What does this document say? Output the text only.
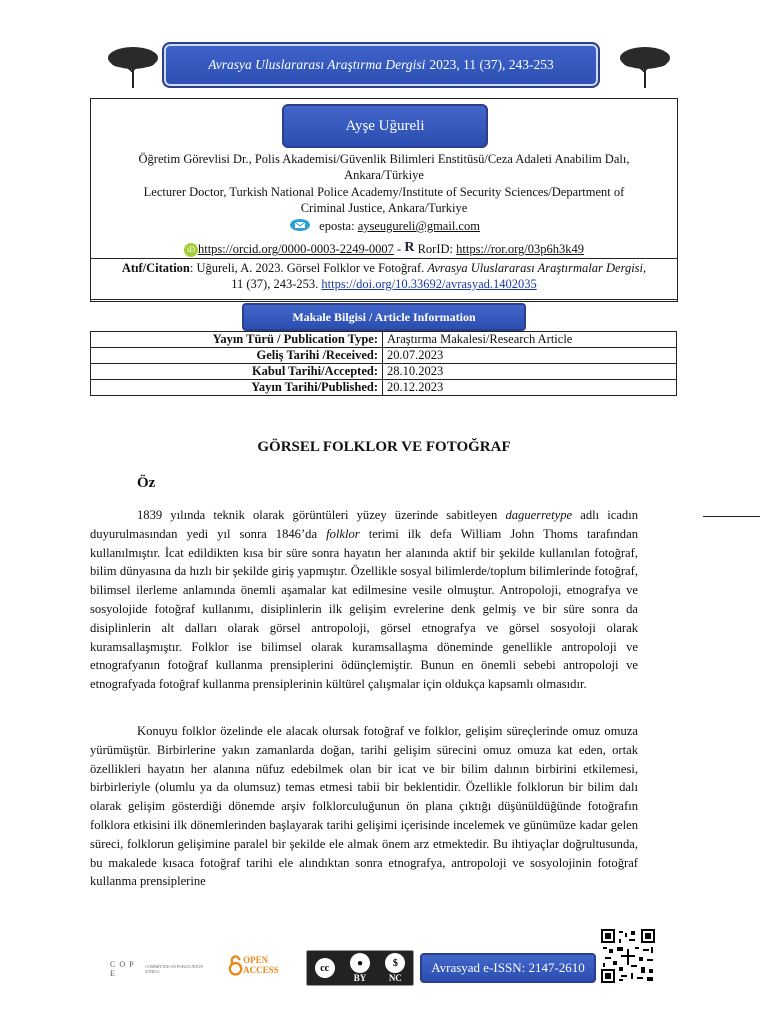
Avrasya Uluslararası Araştırma Dergisi 2023, 11 (37), 243-253
Ayşe Uğureli
Öğretim Görevlisi Dr., Polis Akademisi/Güvenlik Bilimleri Enstitüsü/Ceza Adaleti Anabilim Dalı,
Ankara/Türkiye
Lecturer Doctor, Turkish National Police Academy/Institute of Security Sciences/Department of
Criminal Justice, Ankara/Turkiye
eposta: ayseugureli@gmail.com
iD https://orcid.org/0000-0003-2249-0007 - R RorID: https://ror.org/03p6h3k49
Atıf/Citation: Uğureli, A. 2023. Görsel Folklor ve Fotoğraf. Avrasya Uluslararası Araştırmalar Dergisi,
11 (37), 243-253. https://doi.org/10.33692/avrasyad.1402035
Makale Bilgisi / Article Information
Yayın Türü / Publication Type:	Araştırma Makalesi/Research Article
Geliş Tarihi /Received:	20.07.2023
Kabul Tarihi/Accepted:	28.10.2023
Yayın Tarihi/Published:	20.12.2023
GÖRSEL FOLKLOR VE FOTOĞRAF
Öz
1839 yılında teknik olarak görüntüleri yüzey üzerinde sabitleyen daguerretype adlı icadın duyurulmasından yedi yıl sonra 1846’da folklor terimi ilk defa William John Thoms tarafından kullanılmıştır. İcat edildikten kısa bir süre sonra hayatın her alanında aktif bir şekilde kullanılan fotoğraf, bilim dünyasına da hızlı bir şekilde giriş yapmıştır. Özellikle sosyal bilimlerde/toplum bilimlerinde fotoğraf, bilimsel ilerleme anlamında önemli aşamalar kat edilmesine vesile olmuştur. Antropoloji, etnografya ve sosyolojide fotoğraf kullanımı, disiplinlerin ilk gelişim evrelerine denk gelmiş ve bir süre sonra da disiplinlerin alt dalları olarak görsel antropoloji, görsel etnografya ve görsel sosyoloji olarak kuramsallaşmıştır. Folklor ise bilimsel olarak kuramsallaşma döneminde genellikle antropoloji ve etnografyanın fotoğraf kullanma prensiplerini ödünçlemiştir. Bunun en önemli sebebi antropoloji ve etnografyada fotoğraf kullanma prensiplerinin kültürel çalışmalar için oldukça kapsamlı olmasıdır.
Konuyu folklor özelinde ele alacak olursak fotoğraf ve folklor, gelişim süreçlerinde omuz omuza yürümüştür. Birbirlerine yakın zamanlarda doğan, tarihi gelişim sürecini omuz omuza kat eden, ortak özellikleri hayatın her alanına nüfuz edebilmek olan bir icat ve bir bilim dalının birbirini etkilemesi, birbirleriyle (olumlu ya da olumsuz) temas etmesi tabii bir beklentidir. Özellikle folklorun bir bilim dalı olarak gelişim gösterdiği dönemde arşiv folklorculuğunun ön plana çıktığı düşünüldüğünde fotoğrafın folklora etkisini ilk dönemlerinden başlayarak tarihi gelişimi içerisinde incelemek ve günümüze kadar gelen süreci, folklorun gelişimine paralel bir şekilde ele almak önem arz etmektedir. Bu ihtiyaçlar doğrultusunda, bu makalede kısaca fotoğraf tarihi ele alındıktan sonra etnografya, antropoloji ve sosyolojinin fotoğraf kullanma prensiplerine
C O P E
COMMITTEE ON PUBLICATION ETHICS
OPEN ACCESS	cc	●
BY
$
NC
Avrasyad e-ISSN: 2147-2610
